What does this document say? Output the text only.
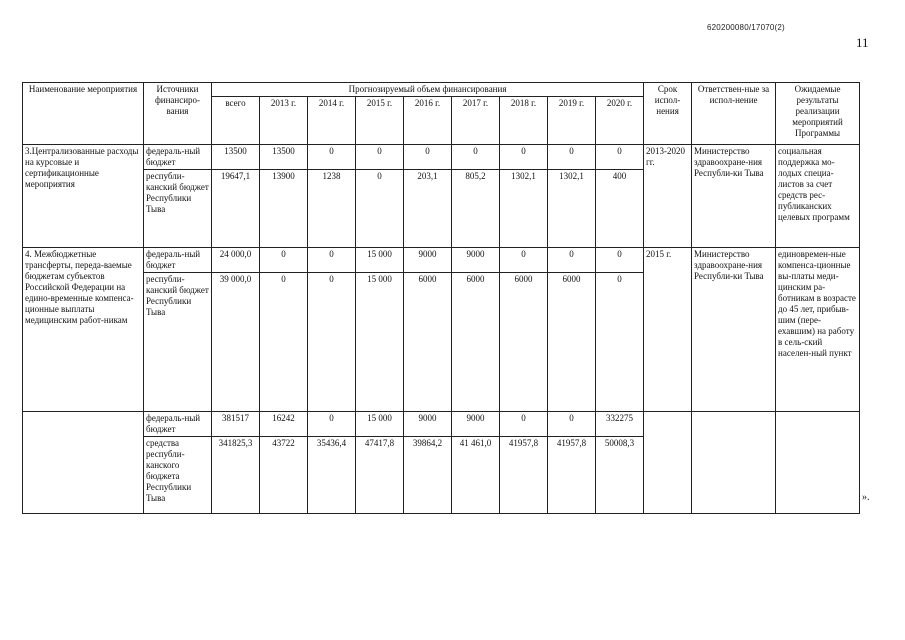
620200080/17070(2)
11
Наименование мероприятия	Источники финансиро-вания	Прогнозируемый объем финансирования									Срок испол-нения	Ответствен-ные за испол-нение	Ожидаемые результаты реализации мероприятий Программы
		всего	2013 г.	2014 г.	2015 г.	2016 г.	2017 г.	2018 г.	2019 г.	2020 г.			
3.Централизованные расходы на курсовые и сертификационные мероприятия	федераль-ный бюджет	13500	13500	0	0	0	0	0	0	0	2013-2020 гг.	Министерство здравоохране-ния Республи-ки Тыва	социальная поддержка мо-лодых специа-листов за счет средств рес-публиканских целевых программ
	республи-канский бюджет Республики Тыва	19647,1	13900	1238	0	203,1	805,2	1302,1	1302,1	400			
4. Межбюджетные трансферты, переда-ваемые бюджетам субъектов Российской Федерации на едино-временные компенса-ционные выплаты медицинским работ-никам	федераль-ный бюджет	24 000,0	0	0	15 000	9000	9000	0	0	0	2015 г.	Министерство здравоохране-ния Республи-ки Тыва	единовремен-ные компенса-ционные вы-платы меди-цинским ра-ботникам в возрасте до 45 лет, прибыв-шим (пере-ехавшим) на работу в сель-ский населен-ный пункт
	республи-канский бюджет Республики Тыва	39 000,0	0	0	15 000	6000	6000	6000	6000	0			
	федераль-ный бюджет	381517	16242	0	15 000	9000	9000	0	0	332275			
	средства республи-канского бюджета Республики Тыва	341825,3	43722	35436,4	47417,8	39864,2	41 461,0	41957,8	41957,8	50008,3			
».
